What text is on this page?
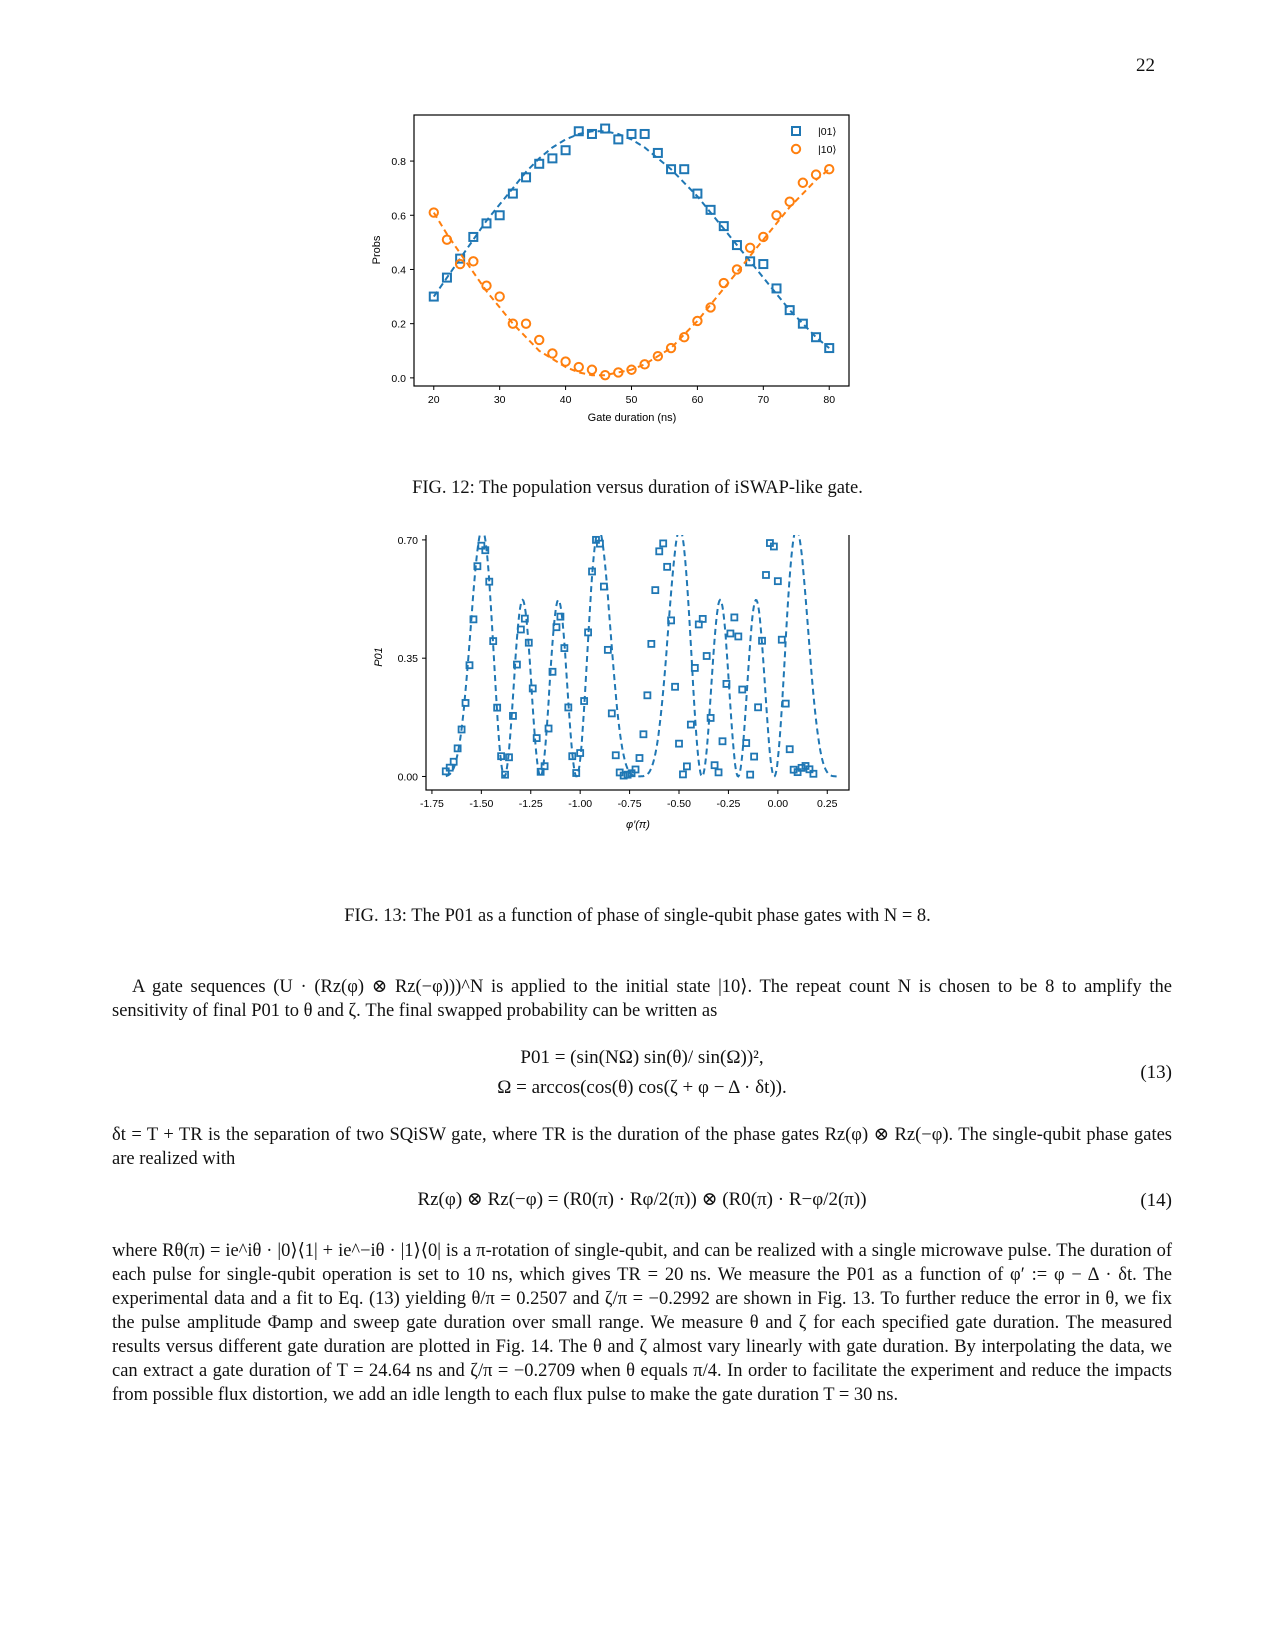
22
20	30	40	50	60	70	80
0.0
0.2
0.4
0.6
0.8
Gate duration (ns)
Probs
|01⟩
|10⟩
FIG. 12: The population versus duration of iSWAP-like gate.
-1.75 -1.50 -1.25 -1.00 -0.75 -0.50 -0.25	0.00	0.25
0.00
0.35
0.70
φ′(π)
P01
FIG. 13: The P01 as a function of phase of single-qubit phase gates with N = 8.
A gate sequences (U · (Rz(φ) ⊗ Rz(−φ)))^N is applied to the initial state |10⟩. The repeat count N is chosen to be 8 to amplify the sensitivity of final P01 to θ and ζ. The final swapped probability can be written as
P01 = (sin(NΩ) sin(θ)/ sin(Ω))²,
Ω = arccos(cos(θ) cos(ζ + φ − Δ · δt)).
(13)
δt = T + TR is the separation of two SQiSW gate, where TR is the duration of the phase gates Rz(φ) ⊗ Rz(−φ). The single-qubit phase gates are realized with
Rz(φ) ⊗ Rz(−φ) = (R0(π) · Rφ/2(π)) ⊗ (R0(π) · R−φ/2(π))	(14)
where Rθ(π) = ie^iθ · |0⟩⟨1| + ie^−iθ · |1⟩⟨0| is a π-rotation of single-qubit, and can be realized with a single microwave pulse. The duration of each pulse for single-qubit operation is set to 10 ns, which gives TR = 20 ns. We measure the P01 as a function of φ′ := φ − Δ · δt. The experimental data and a fit to Eq. (13) yielding θ/π = 0.2507 and ζ/π = −0.2992 are shown in Fig. 13. To further reduce the error in θ, we fix the pulse amplitude Φamp and sweep gate duration over small range. We measure θ and ζ for each specified gate duration. The measured results versus different gate duration are plotted in Fig. 14. The θ and ζ almost vary linearly with gate duration. By interpolating the data, we can extract a gate duration of T = 24.64 ns and ζ/π = −0.2709 when θ equals π/4. In order to facilitate the experiment and reduce the impacts from possible flux distortion, we add an idle length to each flux pulse to make the gate duration T = 30 ns.
